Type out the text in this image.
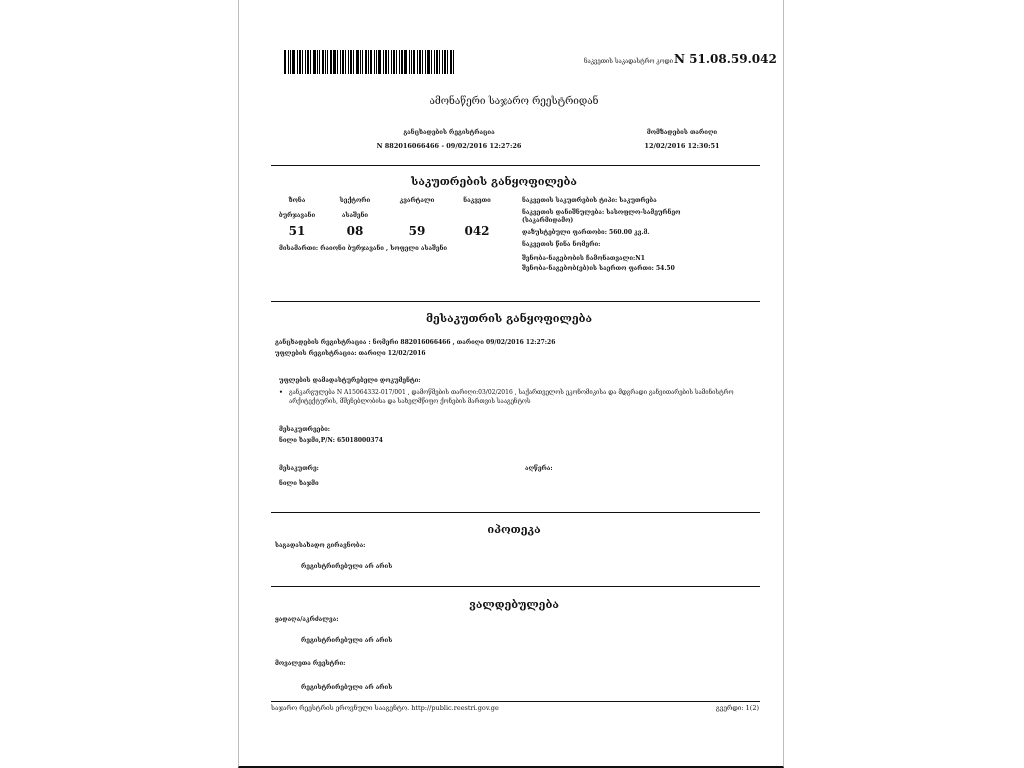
ნაკვეთის საკადასტრო კოდი N 51.08.59.042
ამონაწერი საჯარო რეესტრიდან
განცხადების რეგისტრაცია
N 882016066466 - 09/02/2016 12:27:26
მომზადების თარიღი
12/02/2016 12:30:51
საკუთრების განყოფილება
ზონა
ბურჯავანი
51
სექტორი
ასაშენი
08
კვარტალი
59
ნაკვეთი
042
მისამართი: რაიონი ბურჯავანი , სოფელი ასაშენი
ნაკვეთის საკუთრების ტიპი: საკუთრება
ნაკვეთის დანიშნულება: სასოფლო-სამეურნეო
(საკარმიდამო)
დაზუსტებული ფართობი: 560.00 კვ.მ.
ნაკვეთის წინა ნომერი:
შენობა-ნაგებობის ჩამონათვალი:N1
შენობა-ნაგებობ(ებ)ის საერთო ფართი: 54.50
მესაკუთრის განყოფილება
განცხადების რეგისტრაცია : ნომერი 882016066466 , თარიღი 09/02/2016 12:27:26
უფლების რეგისტრაცია: თარიღი 12/02/2016
უფლების დამადასტურებელი დოკუმენტი:
•	განკარგულება N A15064332-017/001 , დამოწმების თარიღი:03/02/2016 , საქართველოს ეკონომიკისა და მდგრადი განვითარების სამინისტრო
არქიტექტურის, მშენებლობისა და სახელმწიფო ქონების მართვის სააგენტოს
მესაკუთრეები:
ნილი ხაჯმი,P/N: 65018000374
მესაკუთრე:
ნილი ხაჯმი
აღწერა:
იპოთეკა
საგადასახადო გირავნობა:
რეგისტრირებული არ არის
ვალდებულება
ყადაღა/აკრძალვა:
რეგისტრირებული არ არის
მოვალეთა რეესტრი:
რეგისტრირებული არ არის
საჯარო რეესტრის ეროვნული სააგენტო. http://public.reestri.gov.ge	გვერდი: 1(2)
